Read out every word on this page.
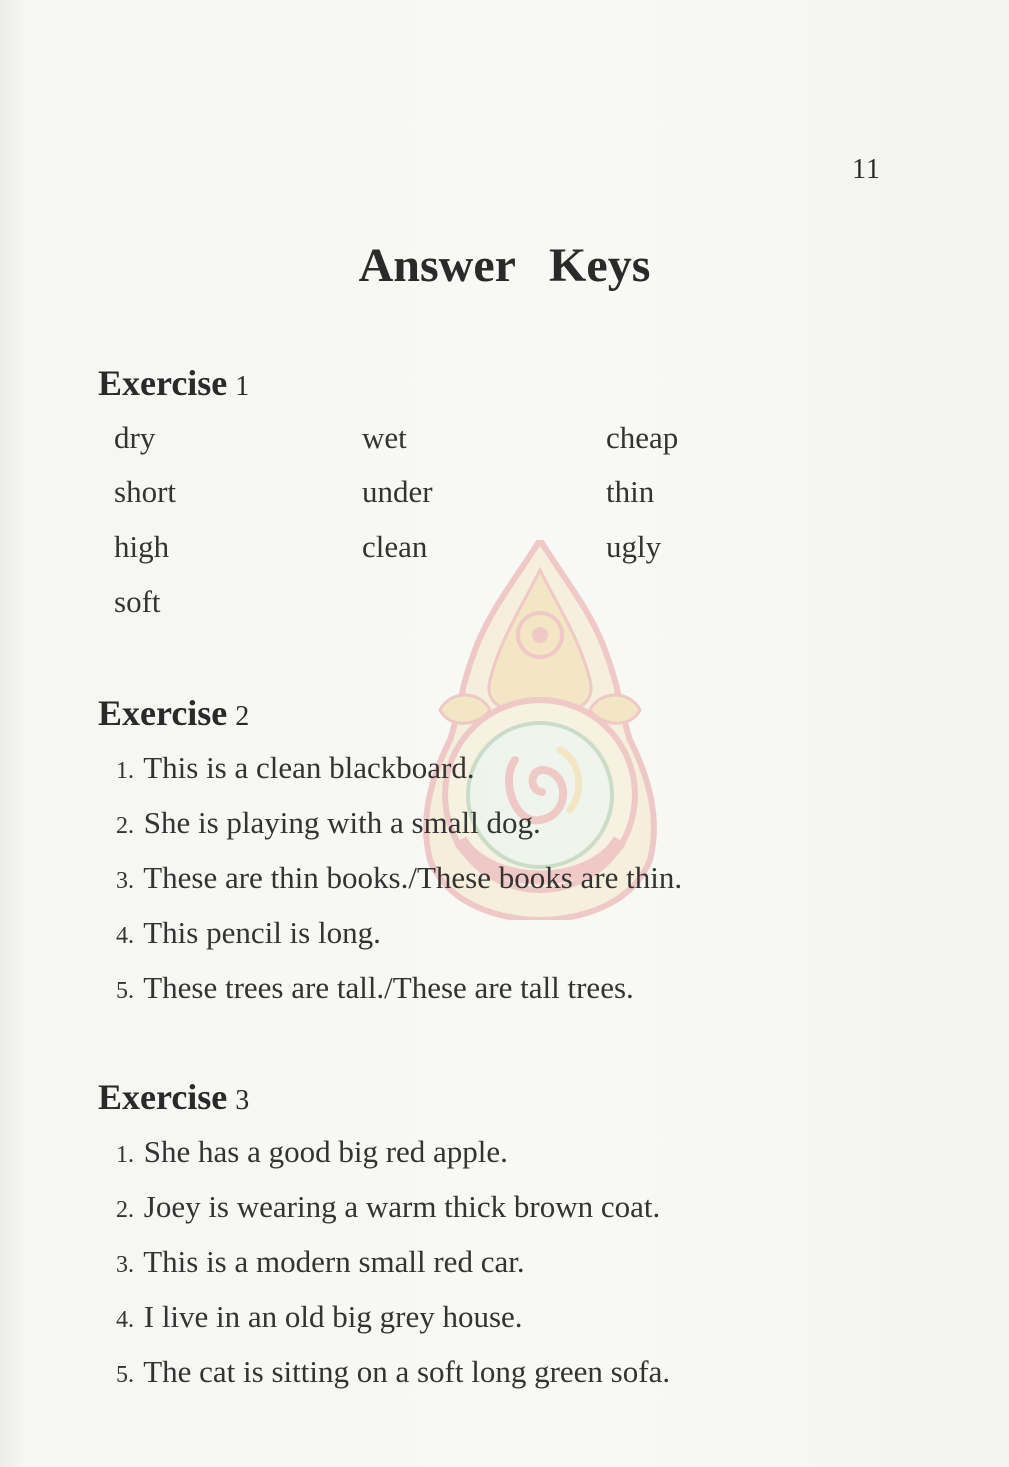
11
Answer Keys
Exercise 1
dry	wet	cheap
short	under	thin
high	clean	ugly
soft
Exercise 2
1. This is a clean blackboard.
2. She is playing with a small dog.
3. These are thin books./These books are thin.
4. This pencil is long.
5. These trees are tall./These are tall trees.
Exercise 3
1. She has a good big red apple.
2. Joey is wearing a warm thick brown coat.
3. This is a modern small red car.
4. I live in an old big grey house.
5. The cat is sitting on a soft long green sofa.
